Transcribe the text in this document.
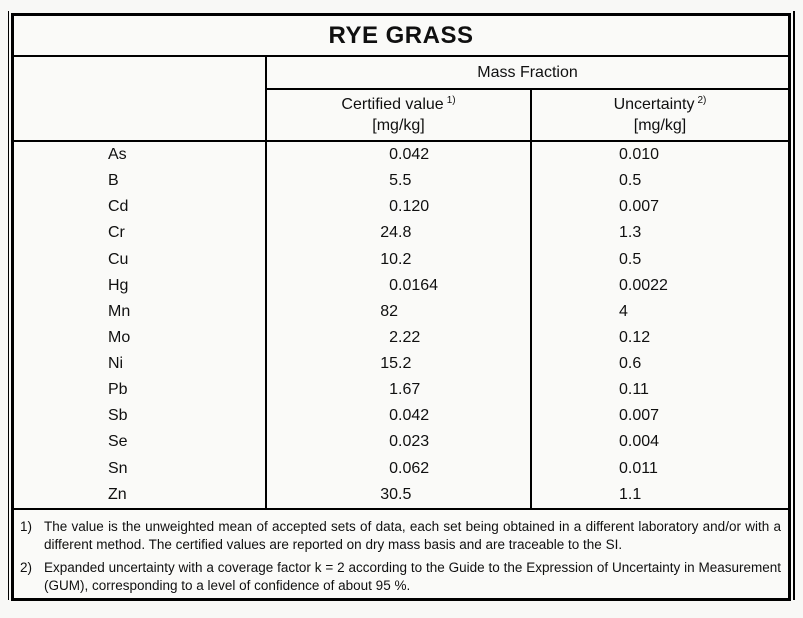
RYE GRASS
Mass Fraction
Certified value $^{1)}$
[mg/kg]
Uncertainty $^{2)}$
[mg/kg]
As	0 .042	0.010
B	5 .5	0.5
Cd	0 .120	0.007
Cr	24 .8	1.3
Cu	10 .2	0.5
Hg	0 .0164	0.0022
Mn	82	4
Mo	2 .22	0.12
Ni	15 .2	0.6
Pb	1 .67	0.11
Sb	0 .042	0.007
Se	0 .023	0.004
Sn	0 .062	0.011
Zn	30 .5	1.1
1) The value is the unweighted mean of accepted sets of data, each set being obtained in a different laboratory and/or with a different method. The certified values are reported on dry mass basis and are traceable to the SI.
2) Expanded uncertainty with a coverage factor k = 2 according to the Guide to the Expression of Uncertainty in Measurement (GUM), corresponding to a level of confidence of about 95 %.
